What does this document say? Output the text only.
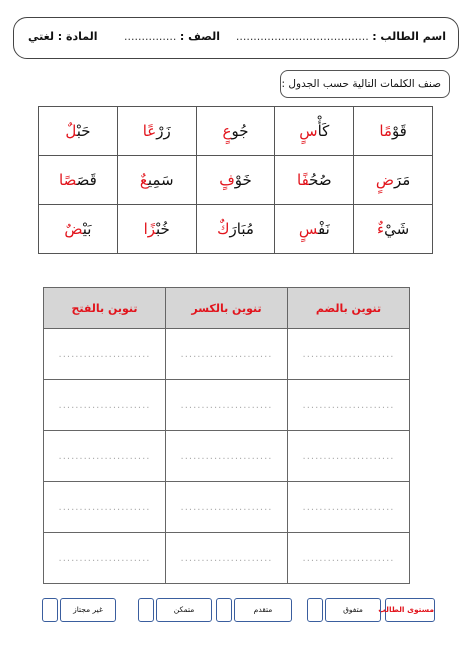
اسم الطالب : ......................................
الصف : ...............
المادة : لغتي
صنف الكلمات التالية حسب الجدول :
قَوْمًا	كَأْسٍ	جُوعٍ	زَرْعًا	حَبْلٌ
مَرَضٍ	صُحُفًا	خَوْفٍ	سَمِيعٌ	قَصَصًا
شَيْءٌ	نَفْسٍ	مُبَارَكٌ	خُبْزًا	بَيْضٌ
تنوين بالضم	تنوين بالكسر	تنوين بالفتح
......................	......................	......................
......................	......................	......................
......................	......................	......................
......................	......................	......................
......................	......................	......................
مستوى الطالب
متفوق
متقدم
متمكن
غير مجتاز
